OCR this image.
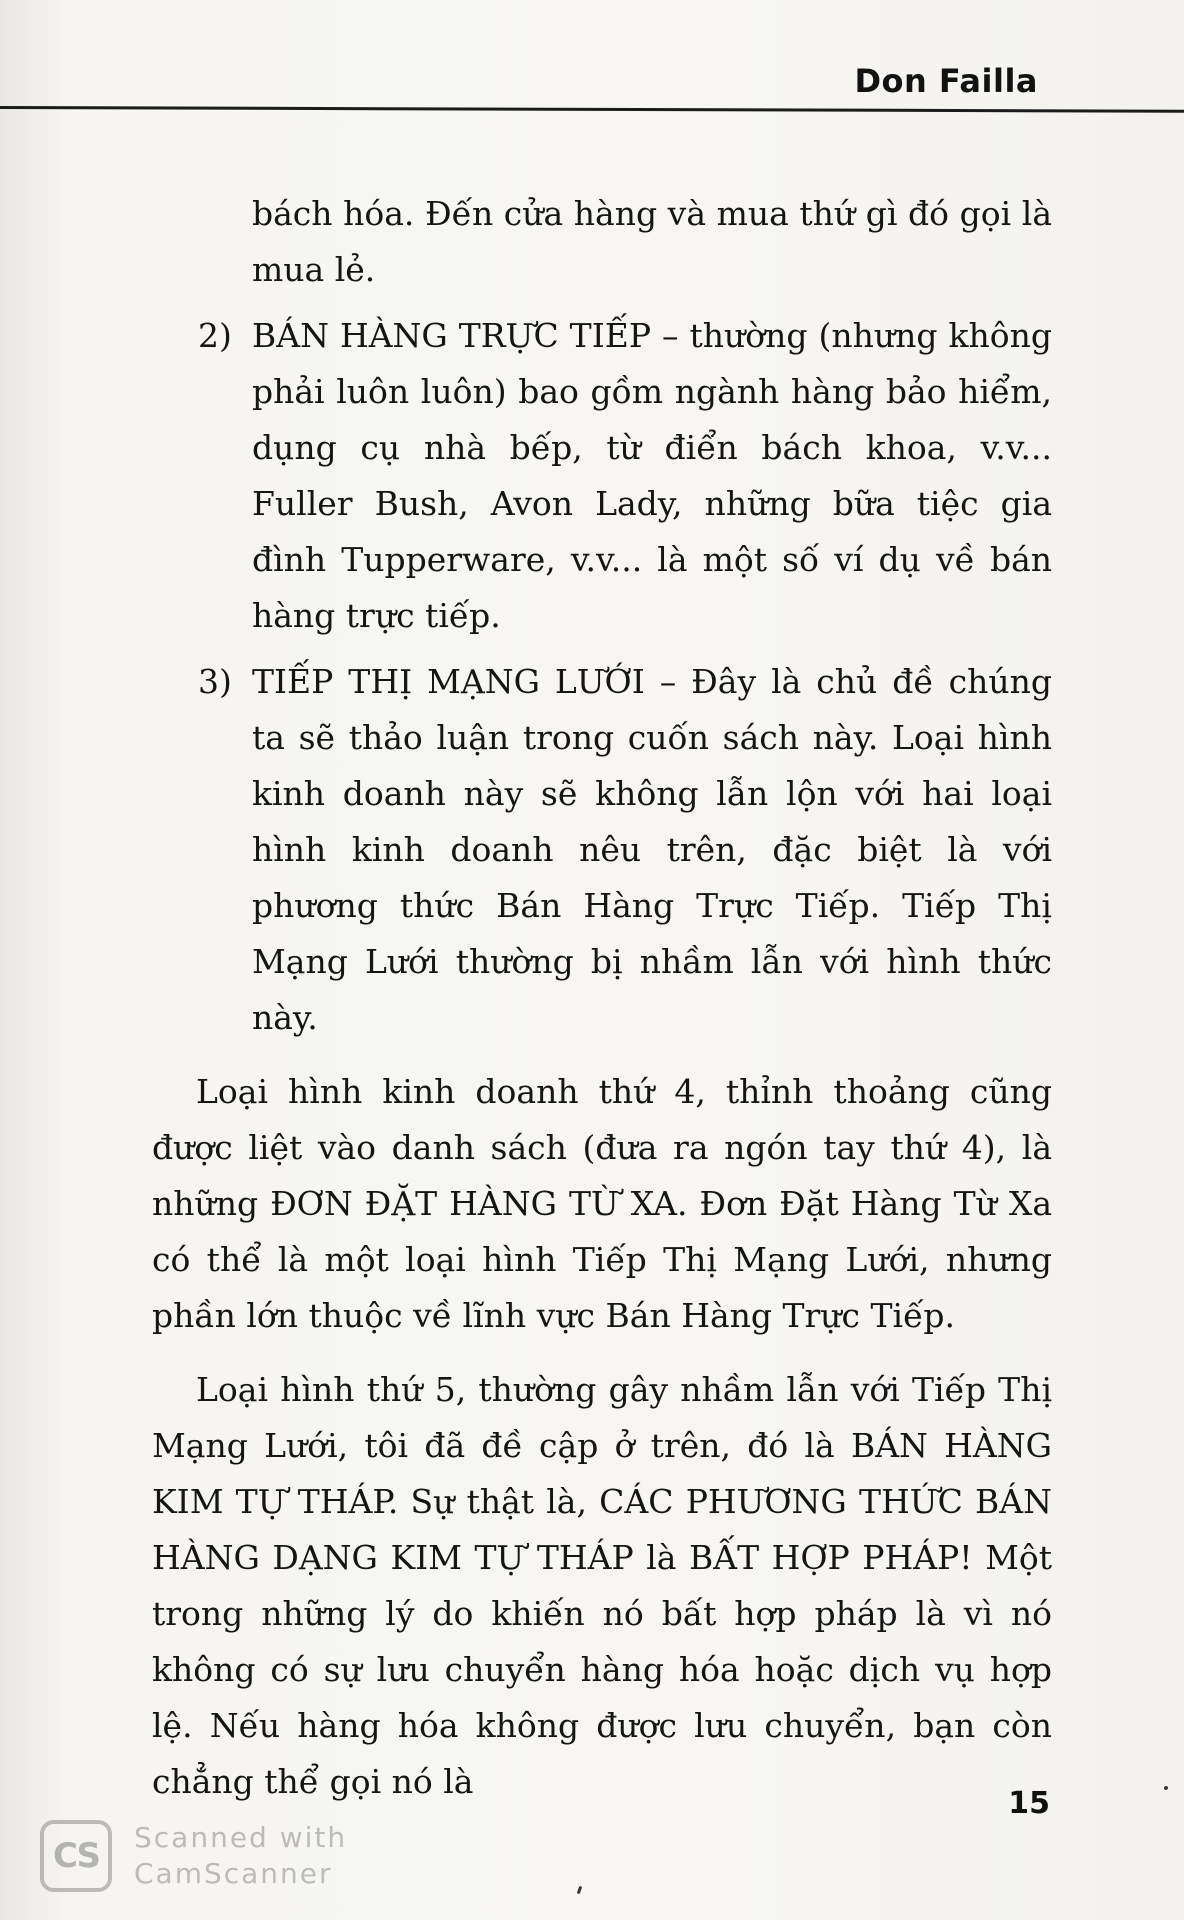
Don Failla

bách hóa. Đến cửa hàng và mua thứ gì đó gọi là mua lẻ.

2) BÁN HÀNG TRỰC TIẾP – thường (nhưng không phải luôn luôn) bao gồm ngành hàng bảo hiểm, dụng cụ nhà bếp, từ điển bách khoa, v.v... Fuller Bush, Avon Lady, những bữa tiệc gia đình Tupperware, v.v... là một số ví dụ về bán hàng trực tiếp.
3) TIẾP THỊ MẠNG LƯỚI – Đây là chủ đề chúng ta sẽ thảo luận trong cuốn sách này. Loại hình kinh doanh này sẽ không lẫn lộn với hai loại hình kinh doanh nêu trên, đặc biệt là với phương thức Bán Hàng Trực Tiếp. Tiếp Thị Mạng Lưới thường bị nhầm lẫn với hình thức này.

Loại hình kinh doanh thứ 4, thỉnh thoảng cũng được liệt vào danh sách (đưa ra ngón tay thứ 4), là những ĐƠN ĐẶT HÀNG TỪ XA. Đơn Đặt Hàng Từ Xa có thể là một loại hình Tiếp Thị Mạng Lưới, nhưng phần lớn thuộc về lĩnh vực Bán Hàng Trực Tiếp.

Loại hình thứ 5, thường gây nhầm lẫn với Tiếp Thị Mạng Lưới, tôi đã đề cập ở trên, đó là BÁN HÀNG KIM TỰ THÁP. Sự thật là, CÁC PHƯƠNG THỨC BÁN HÀNG DẠNG KIM TỰ THÁP là BẤT HỢP PHÁP! Một trong những lý do khiến nó bất hợp pháp là vì nó không có sự lưu chuyển hàng hóa hoặc dịch vụ hợp lệ. Nếu hàng hóa không được lưu chuyển, bạn còn chẳng thể gọi nó là

15
CS	Scanned with
CamScanner
